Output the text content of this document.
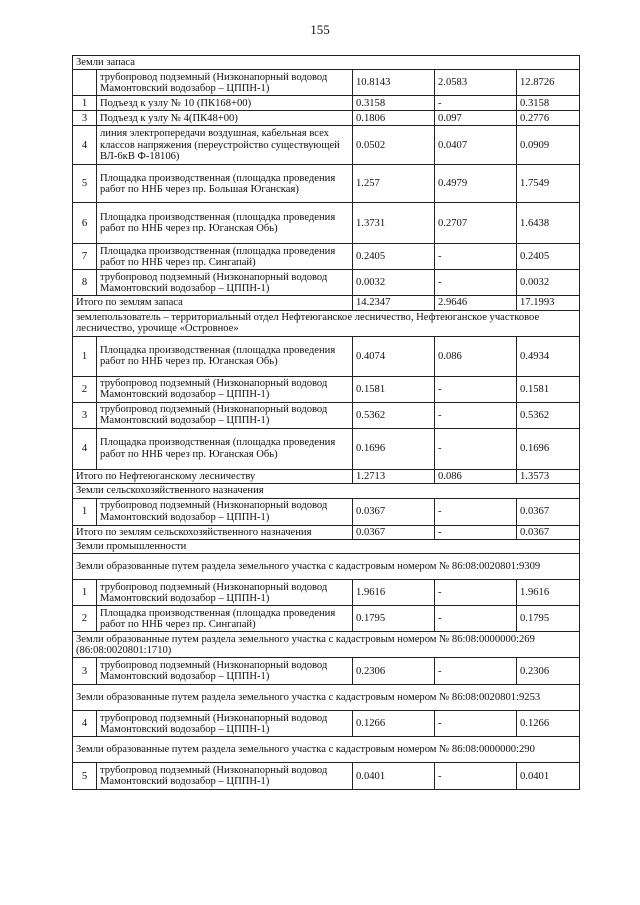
155
Земли запаса				
	трубопровод подземный (Низконапорный водовод Мамонтовский водозабор – ЦППН-1)	10.8143	2.0583	12.8726
1	Подъезд к узлу № 10 (ПК168+00)	0.3158	-	0.3158
3	Подъезд к узлу № 4(ПК48+00)	0.1806	0.097	0.2776
4	линия электропередачи воздушная, кабельная всех классов напряжения (переустройство существующей ВЛ-6кВ Ф-18106)	0.0502	0.0407	0.0909
5	Площадка производственная (площадка проведения работ по ННБ через пр. Большая Юганская)	1.257	0.4979	1.7549
6	Площадка производственная (площадка проведения работ по ННБ через пр. Юганская Обь)	1.3731	0.2707	1.6438
7	Площадка производственная (площадка проведения работ по ННБ через пр. Сингапай)	0.2405	-	0.2405
8	трубопровод подземный (Низконапорный водовод Мамонтовский водозабор – ЦППН-1)	0.0032	-	0.0032
Итого по землям запаса		14.2347	2.9646	17.1993
землепользователь – территориальный отдел Нефтеюганское лесничество, Нефтеюганское участковое лесничество, урочище «Островное»				
1	Площадка производственная (площадка проведения работ по ННБ через пр. Юганская Обь)	0.4074	0.086	0.4934
2	трубопровод подземный (Низконапорный водовод Мамонтовский водозабор – ЦППН-1)	0.1581	-	0.1581
3	трубопровод подземный (Низконапорный водовод Мамонтовский водозабор – ЦППН-1)	0.5362	-	0.5362
4	Площадка производственная (площадка проведения работ по ННБ через пр. Юганская Обь)	0.1696	-	0.1696
Итого по Нефтеюганскому лесничеству		1.2713	0.086	1.3573
Земли сельскохозяйственного назначения				
1	трубопровод подземный (Низконапорный водовод Мамонтовский водозабор – ЦППН-1)	0.0367	-	0.0367
Итого по землям сельскохозяйственного назначения		0.0367	-	0.0367
Земли промышленности				
Земли образованные путем раздела земельного участка с кадастровым номером № 86:08:0020801:9309				
1	трубопровод подземный (Низконапорный водовод Мамонтовский водозабор – ЦППН-1)	1.9616	-	1.9616
2	Площадка производственная (площадка проведения работ по ННБ через пр. Сингапай)	0.1795	-	0.1795
Земли образованные путем раздела земельного участка с кадастровым номером № 86:08:0000000:269 (86:08:0020801:1710)				
3	трубопровод подземный (Низконапорный водовод Мамонтовский водозабор – ЦППН-1)	0.2306	-	0.2306
Земли образованные путем раздела земельного участка с кадастровым номером № 86:08:0020801:9253				
4	трубопровод подземный (Низконапорный водовод Мамонтовский водозабор – ЦППН-1)	0.1266	-	0.1266
Земли образованные путем раздела земельного участка с кадастровым номером № 86:08:0000000:290				
5	трубопровод подземный (Низконапорный водовод Мамонтовский водозабор – ЦППН-1)	0.0401	-	0.0401
